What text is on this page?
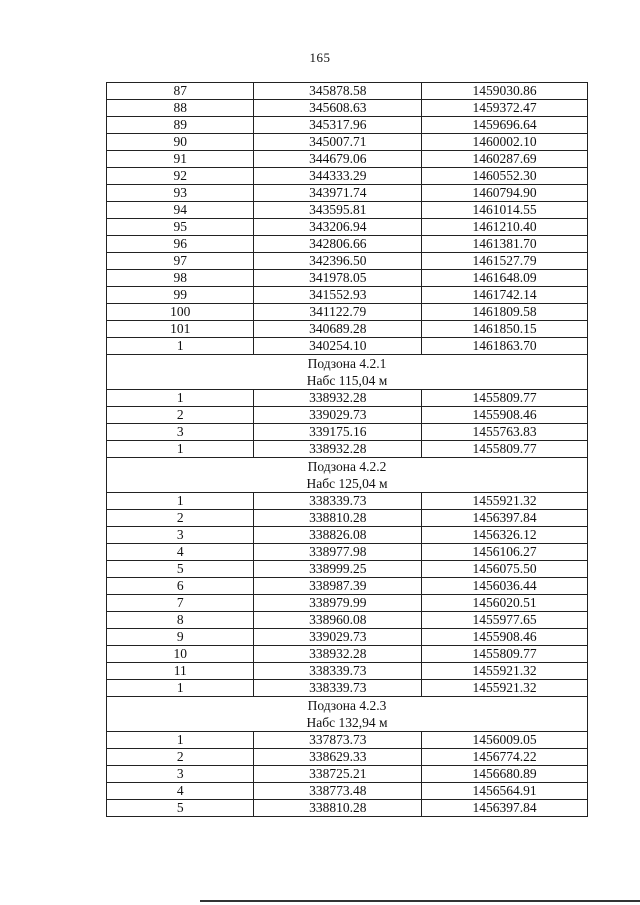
165
87	345878.58	1459030.86
88	345608.63	1459372.47
89	345317.96	1459696.64
90	345007.71	1460002.10
91	344679.06	1460287.69
92	344333.29	1460552.30
93	343971.74	1460794.90
94	343595.81	1461014.55
95	343206.94	1461210.40
96	342806.66	1461381.70
97	342396.50	1461527.79
98	341978.05	1461648.09
99	341552.93	1461742.14
100	341122.79	1461809.58
101	340689.28	1461850.15
1	340254.10	1461863.70

Подзона 4.2.1
Набс 115,04 м		

1	338932.28	1455809.77
2	339029.73	1455908.46
3	339175.16	1455763.83
1	338932.28	1455809.77

Подзона 4.2.2
Набс 125,04 м		

1	338339.73	1455921.32
2	338810.28	1456397.84
3	338826.08	1456326.12
4	338977.98	1456106.27
5	338999.25	1456075.50
6	338987.39	1456036.44
7	338979.99	1456020.51
8	338960.08	1455977.65
9	339029.73	1455908.46
10	338932.28	1455809.77
11	338339.73	1455921.32
1	338339.73	1455921.32

Подзона 4.2.3
Набс 132,94 м		

1	337873.73	1456009.05
2	338629.33	1456774.22
3	338725.21	1456680.89
4	338773.48	1456564.91
5	338810.28	1456397.84
